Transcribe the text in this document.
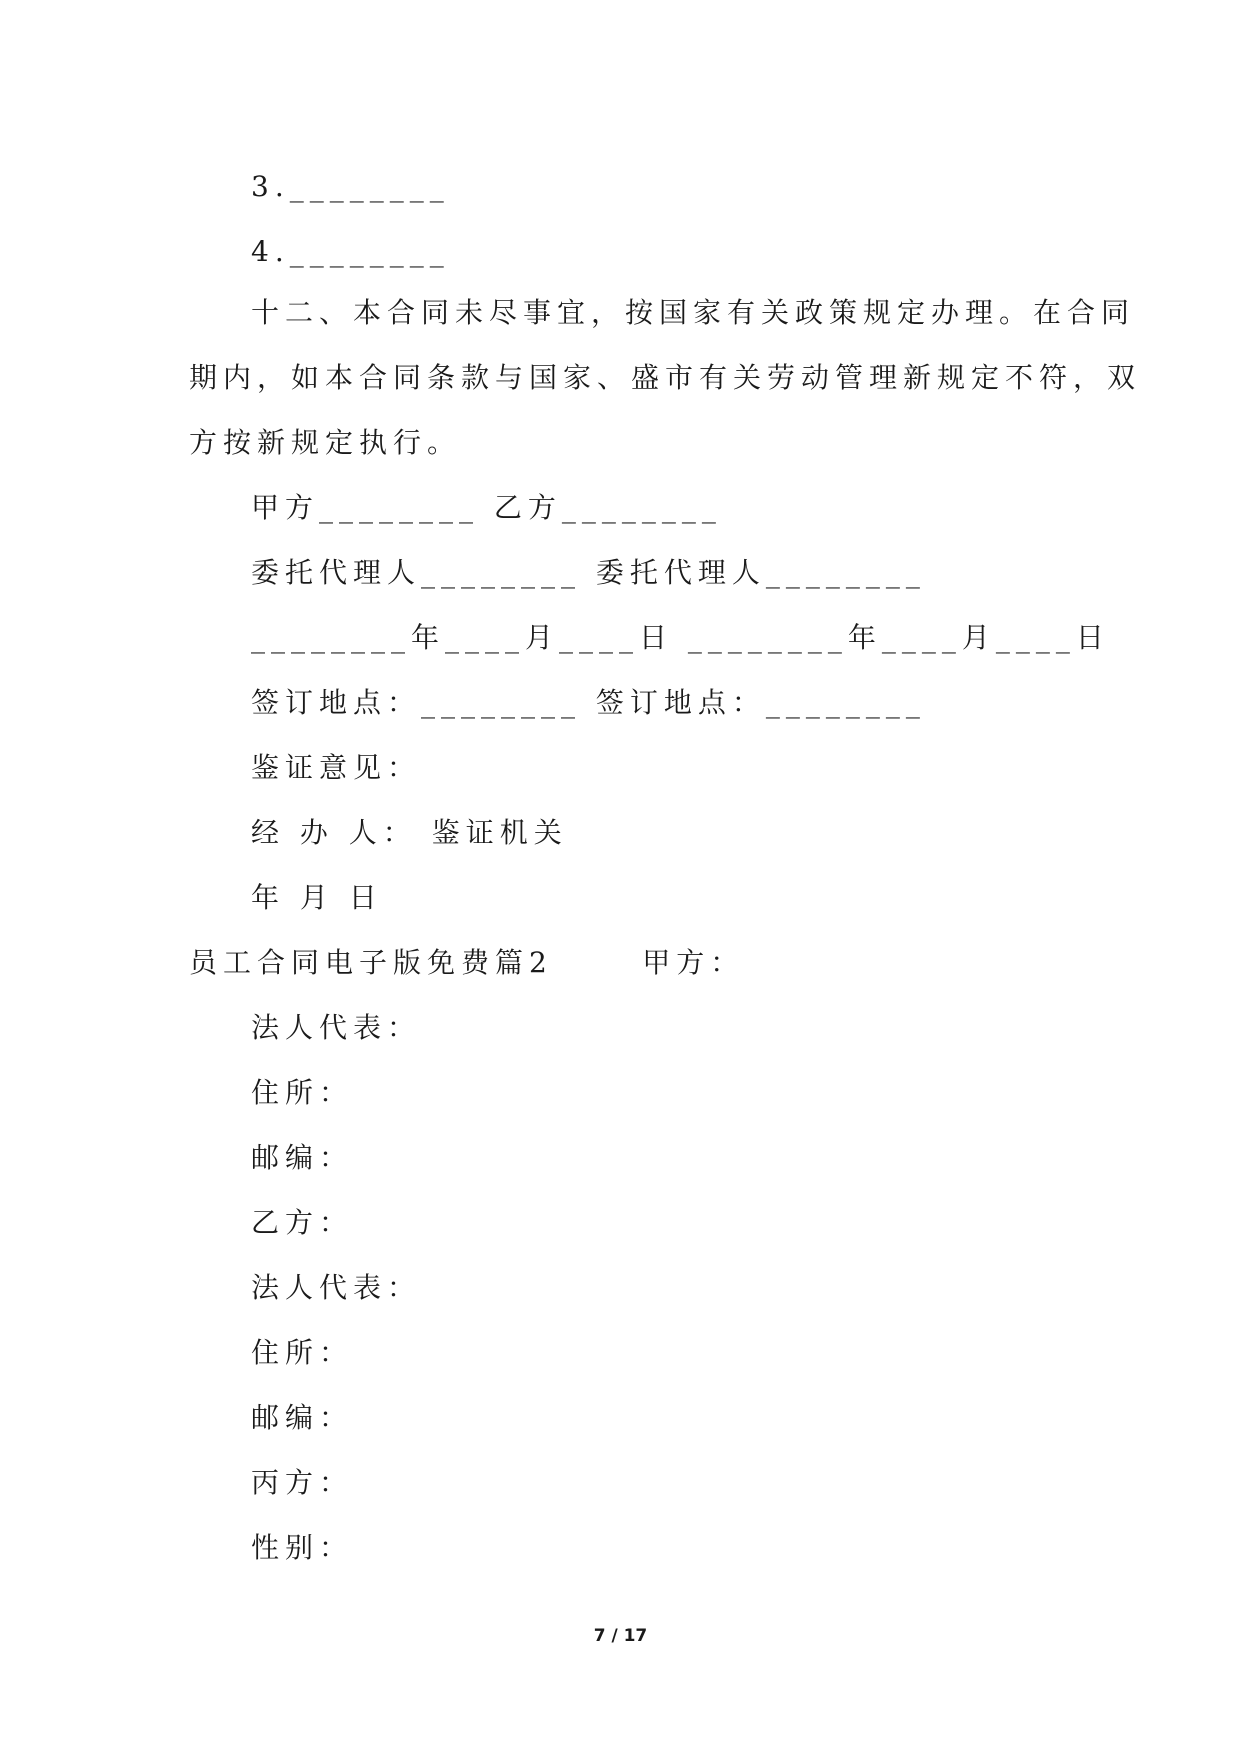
3.________
4.________
十二、本合同未尽事宜，按国家有关政策规定办理。在合同
期内，如本合同条款与国家、盛市有关劳动管理新规定不符，双
方按新规定执行。
甲方________ 乙方________
委托代理人________ 委托代理人________
________年____月____日 ________年____月____日
签订地点：________ 签订地点：________
鉴证意见：
经 办 人： 鉴证机关
年 月 日
员工合同电子版免费篇2      甲方：
法人代表：
住所：
邮编：
乙方：
法人代表：
住所：
邮编：
丙方：
性别：
7 / 17
